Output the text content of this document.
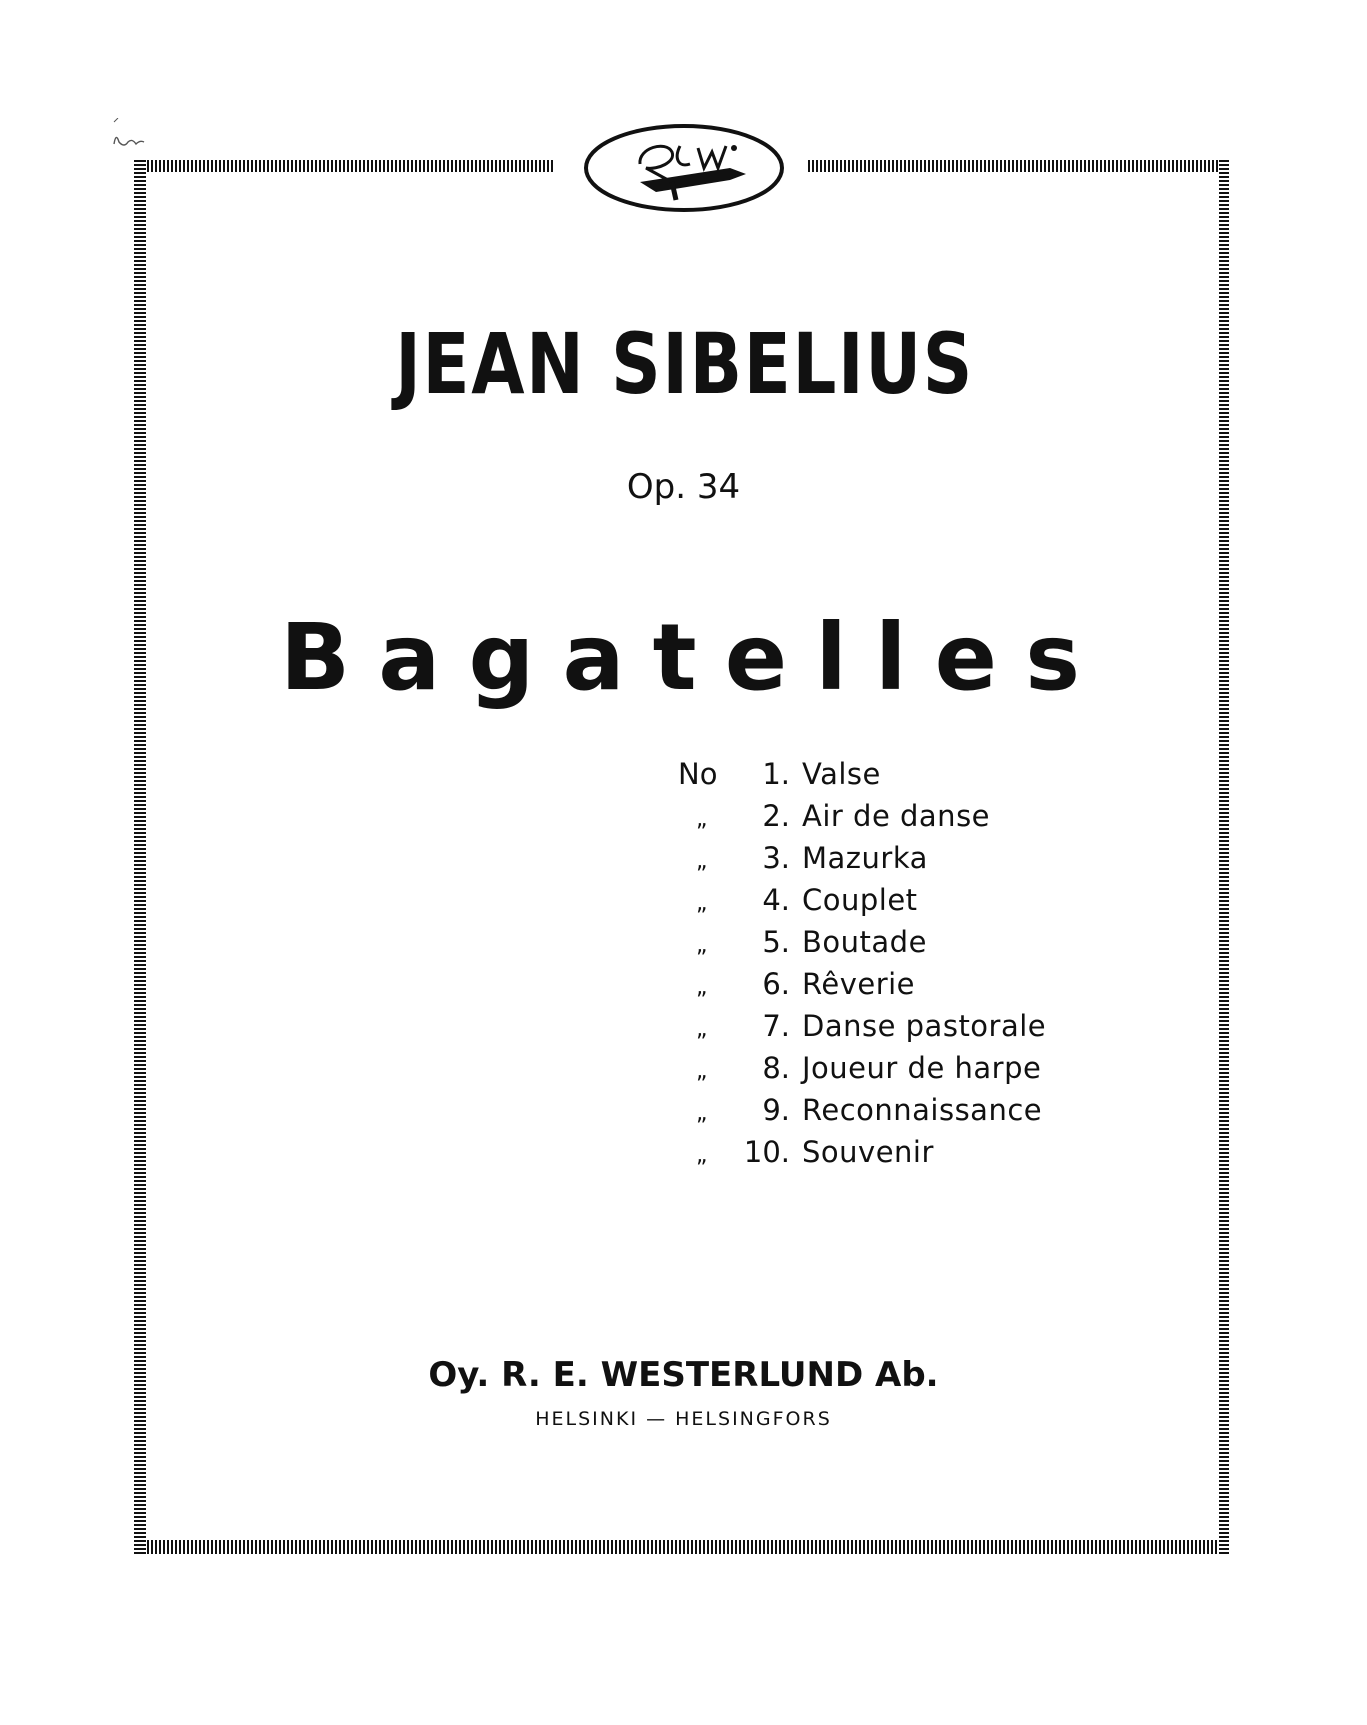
JEAN SIBELIUS
Op. 34
B a g a t e l l e s
No	1. Valse
„	2. Air de danse
„	3. Mazurka
„	4. Couplet
„	5. Boutade
„	6. Rêverie
„	7. Danse pastorale
„	8. Joueur de harpe
„	9. Reconnaissance
„	10. Souvenir
Oy. R. E. WESTERLUND Ab.
HELSINKI — HELSINGFORS
